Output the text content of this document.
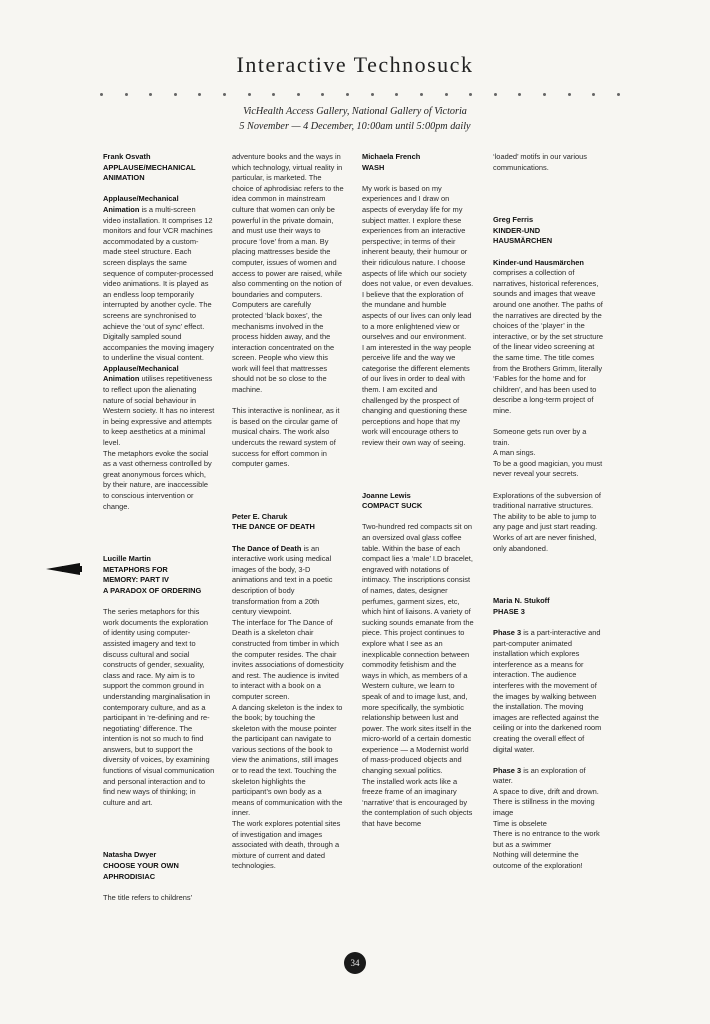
Interactive Technosuck
VicHealth Access Gallery, National Gallery of Victoria
5 November — 4 December, 10:00am until 5:00pm daily

Frank Osvath

APPLAUSE/MECHANICAL

ANIMATION

Applause/Mechanical Animation is a multi-screen video installation. It comprises 12 monitors and four VCR machines accommodated by a custom-made steel structure. Each screen displays the same sequence of computer-processed video animations. It is played as an endless loop temporarily interrupted by another cycle. The screens are synchronised to achieve the ‘out of sync’ effect. Digitally sampled sound accompanies the moving imagery to underline the visual content.

Applause/Mechanical Animation utilises repetitiveness to reflect upon the alienating nature of social behaviour in Western society. It has no interest in being expressive and attempts to keep aesthetics at a minimal level.

The metaphors evoke the social as a vast otherness controlled by great anonymous forces which, by their nature, are inaccessible to conscious intervention or change.

Lucille Martin

METAPHORS FOR

MEMORY: PART IV

A PARADOX OF ORDERING

The series metaphors for this work documents the exploration of identity using computer-assisted imagery and text to discuss cultural and social constructs of gender, sexuality, class and race. My aim is to support the common ground in understanding marginalisation in contemporary culture, and as a participant in ‘re-defining and re-negotiating’ difference. The intention is not so much to find answers, but to support the diversity of voices, by examining functions of visual communication and personal interaction and to find new ways of thinking; in culture and art.

Natasha Dwyer

CHOOSE YOUR OWN

APHRODISIAC

The title refers to childrens’

adventure books and the ways in which technology, virtual reality in particular, is marketed. The choice of aphrodisiac refers to the idea common in mainstream culture that women can only be powerful in the private domain, and must use their ways to procure ‘love’ from a man. By placing mattresses beside the computer, issues of women and access to power are raised, while also commenting on the notion of boundaries and computers. Computers are carefully protected ‘black boxes’, the mechanisms involved in the process hidden away, and the interaction concentrated on the screen. People who view this work will feel that mattresses should not be so close to the machine.

This interactive is nonlinear, as it is based on the circular game of musical chairs. The work also undercuts the reward system of success for effort common in computer games.

Peter E. Charuk

THE DANCE OF DEATH

The Dance of Death is an interactive work using medical images of the body, 3-D animations and text in a poetic description of body transformation from a 20th century viewpoint.

The interface for The Dance of Death is a skeleton chair constructed from timber in which the computer resides. The chair invites associations of domesticity and rest. The audience is invited to interact with a book on a computer screen.

A dancing skeleton is the index to the book; by touching the skeleton with the mouse pointer the participant can navigate to various sections of the book to view the animations, still images or to read the text. Touching the skeleton highlights the participant’s own body as a means of communication with the inner.

The work explores potential sites of investigation and images associated with death, through a mixture of current and dated technologies.

Michaela French

WASH

My work is based on my experiences and I draw on aspects of everyday life for my subject matter. I explore these experiences from an interactive perspective; in terms of their inherent beauty, their humour or their ridiculous nature. I choose aspects of life which our society does not value, or even devalues.

I believe that the exploration of the mundane and humble aspects of our lives can only lead to a more enlightened view or ourselves and our environment.

I am interested in the way people perceive life and the way we categorise the different elements of our lives in order to deal with them. I am excited and challenged by the prospect of changing and questioning these perceptions and hope that my work will encourage others to review their own way of seeing.

Joanne Lewis

COMPACT SUCK

Two-hundred red compacts sit on an oversized oval glass coffee table. Within the base of each compact lies a ‘male’ I.D bracelet, engraved with notations of intimacy. The inscriptions consist of names, dates, designer perfumes, garment sizes, etc, which hint of liaisons. A variety of sucking sounds emanate from the piece. This project continues to explore what I see as an inexplicable connection between commodity fetishism and the ways in which, as members of a Western culture, we learn to speak of and to image lust, and, more specifically, the symbiotic relationship between lust and power. The work sites itself in the micro-world of a certain domestic experience — a Modernist world of mass-produced objects and changing sexual politics.

The installed work acts like a freeze frame of an imaginary ‘narrative’ that is encouraged by the contemplation of such objects that have become

‘loaded’ motifs in our various communications.

Greg Ferris

KINDER-UND

HAUSMÄRCHEN

Kinder-und Hausmärchen comprises a collection of narratives, historical references, sounds and images that weave around one another. The paths of the narratives are directed by the choices of the ‘player’ in the interactive, or by the set structure of the linear video screening at the same time. The title comes from the Brothers Grimm, literally ‘Fables for the home and for children’, and has been used to describe a long-term project of mine.

Someone gets run over by a train.
A man sings.
To be a good magician, you must never reveal your secrets.

Explorations of the subversion of traditional narrative structures. The ability to be able to jump to any page and just start reading. Works of art are never finished, only abandoned.

Maria N. Stukoff

PHASE 3

Phase 3 is a part-interactive and part-computer animated installation which explores interference as a means for interaction. The audience interferes with the movement of the images by walking between the installation. The moving images are reflected against the ceiling or into the darkened room creating the overall effect of digital water.

Phase 3 is an exploration of water.

A space to dive, drift and drown.
There is stillness in the moving image
Time is obselete
There is no entrance to the work but as a swimmer
Nothing will determine the outcome of the exploration!

34
